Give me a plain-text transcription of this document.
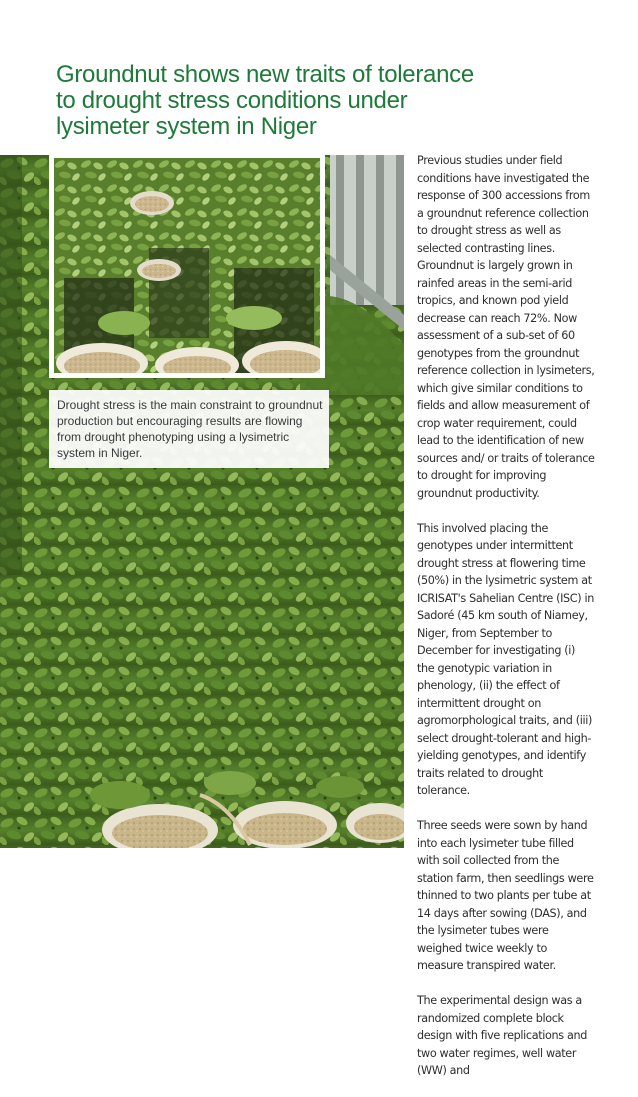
Groundnut shows new traits of tolerance to drought stress conditions under lysimeter system in Niger
Drought stress is the main constraint to groundnut production but encouraging results are flowing from drought phenotyping using a lysimetric system in Niger.

Previous studies under field conditions have investigated the response of 300 accessions from a groundnut reference collection to drought stress as well as selected contrasting lines. Groundnut is largely grown in rainfed areas in the semi-arid tropics, and known pod yield decrease can reach 72%. Now assessment of a sub-set of 60 genotypes from the groundnut reference collection in lysimeters, which give similar conditions to fields and allow measurement of crop water requirement, could lead to the identification of new sources and/ or traits of tolerance to drought for improving groundnut productivity.

This involved placing the genotypes under intermittent drought stress at flowering time (50%) in the lysimetric system at ICRISAT's Sahelian Centre (ISC) in Sadoré (45 km south of Niamey, Niger, from September to December for investigating (i) the genotypic variation in phenology, (ii) the effect of intermittent drought on agromorphological traits, and (iii) select drought-tolerant and high-yielding genotypes, and identify traits related to drought tolerance.

Three seeds were sown by hand into each lysimeter tube filled with soil collected from the station farm, then seedlings were thinned to two plants per tube at 14 days after sowing (DAS), and the lysimeter tubes were weighed twice weekly to measure transpired water.

The experimental design was a randomized complete block design with five replications and two water regimes, well water (WW) and
